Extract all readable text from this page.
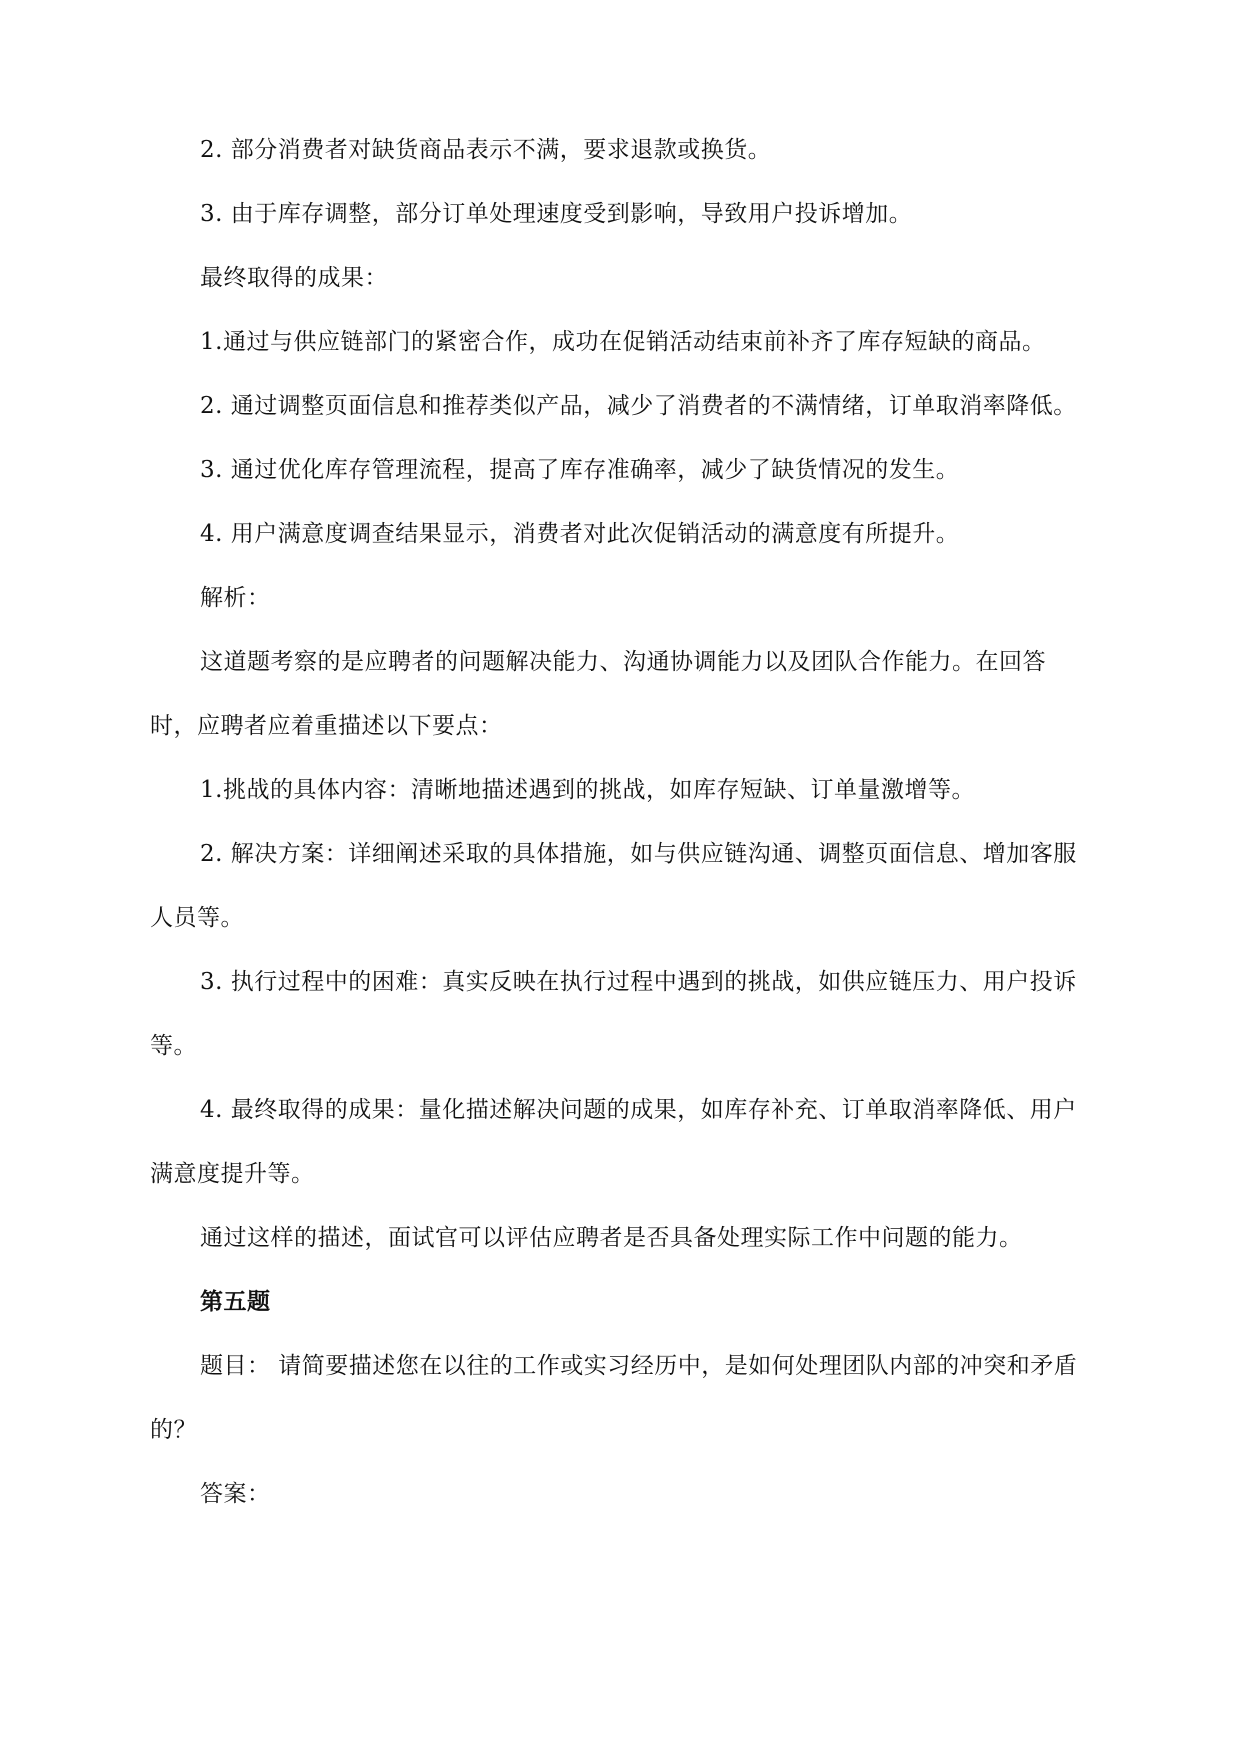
2. 部分消费者对缺货商品表示不满，要求退款或换货。
3. 由于库存调整，部分订单处理速度受到影响，导致用户投诉增加。
最终取得的成果：
1.通过与供应链部门的紧密合作，成功在促销活动结束前补齐了库存短缺的商品。
2. 通过调整页面信息和推荐类似产品，减少了消费者的不满情绪，订单取消率降低。
3. 通过优化库存管理流程，提高了库存准确率，减少了缺货情况的发生。
4. 用户满意度调查结果显示，消费者对此次促销活动的满意度有所提升。
解析：
这道题考察的是应聘者的问题解决能力、沟通协调能力以及团队合作能力。在回答时，应聘者应着重描述以下要点：
1.挑战的具体内容：清晰地描述遇到的挑战，如库存短缺、订单量激增等。
2. 解决方案：详细阐述采取的具体措施，如与供应链沟通、调整页面信息、增加客服人员等。
3. 执行过程中的困难：真实反映在执行过程中遇到的挑战，如供应链压力、用户投诉等。
4. 最终取得的成果：量化描述解决问题的成果，如库存补充、订单取消率降低、用户满意度提升等。
通过这样的描述，面试官可以评估应聘者是否具备处理实际工作中问题的能力。
第五题
题目： 请简要描述您在以往的工作或实习经历中，是如何处理团队内部的冲突和矛盾的？
答案：
